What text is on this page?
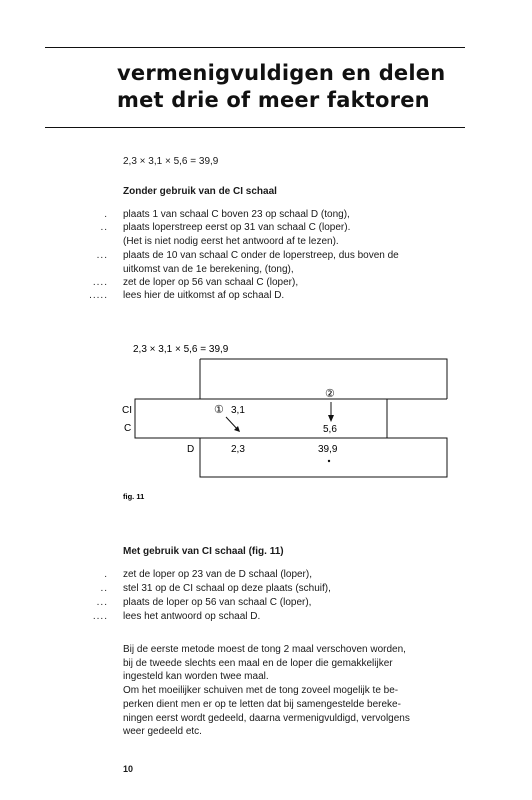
vermenigvuldigen en delen
met drie of meer faktoren
2,3 × 3,1 × 5,6 = 39,9
Zonder gebruik van de CI schaal
. plaats 1 van schaal C boven 23 op schaal D (tong),
.. plaats loperstreep eerst op 31 van schaal C (loper).
(Het is niet nodig eerst het antwoord af te lezen).
... plaats de 10 van schaal C onder de loperstreep, dus boven de
uitkomst van de 1e berekening, (tong),
.... zet de loper op 56 van schaal C (loper),
..... lees hier de uitkomst af op schaal D.
2,3 × 3,1 × 5,6 = 39,9
CI
C
D
①
②
3,1
5,6
2,3	39,9
fig. 11
Met gebruik van CI schaal (fig. 11)
. zet de loper op 23 van de D schaal (loper),
.. stel 31 op de CI schaal op deze plaats (schuif),
... plaats de loper op 56 van schaal C (loper),
.... lees het antwoord op schaal D.
Bij de eerste metode moest de tong 2 maal verschoven worden,
bij de tweede slechts een maal en de loper die gemakkelijker
ingesteld kan worden twee maal.
Om het moeilijker schuiven met de tong zoveel mogelijk te be-
perken dient men er op te letten dat bij samengestelde bereke-
ningen eerst wordt gedeeld, daarna vermenigvuldigd, vervolgens
weer gedeeld etc.
10
